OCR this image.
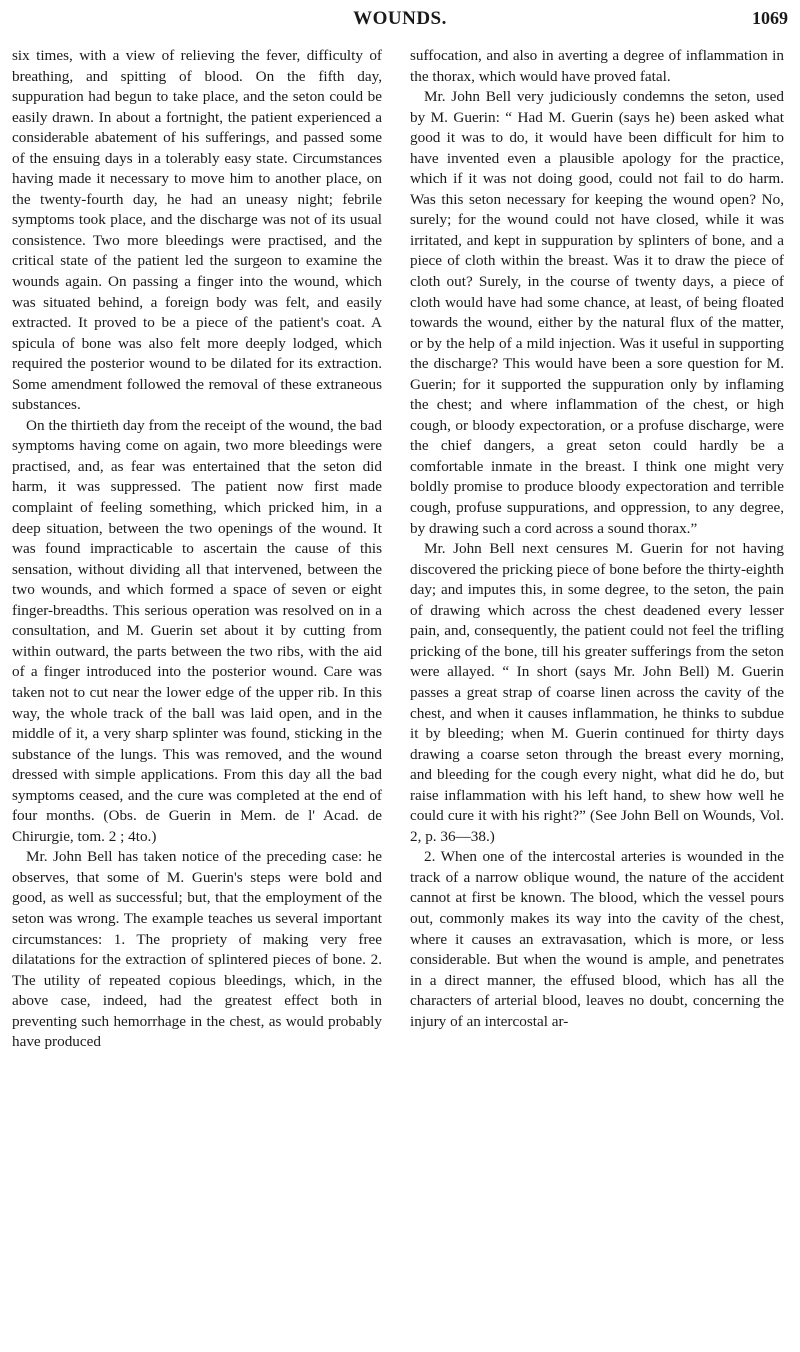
WOUNDS.	1069

six times, with a view of relieving the fever, difficulty of breathing, and spitting of blood. On the fifth day, suppuration had begun to take place, and the seton could be easily drawn. In about a fortnight, the patient experienced a considerable abatement of his sufferings, and passed some of the ensuing days in a tolerably easy state. Circumstances having made it necessary to move him to another place, on the twenty-fourth day, he had an uneasy night; febrile symptoms took place, and the discharge was not of its usual consistence. Two more bleedings were practised, and the critical state of the patient led the surgeon to examine the wounds again. On passing a finger into the wound, which was situated behind, a foreign body was felt, and easily extracted. It proved to be a piece of the patient's coat. A spicula of bone was also felt more deeply lodged, which required the posterior wound to be dilated for its extraction. Some amendment followed the removal of these extraneous substances.

On the thirtieth day from the receipt of the wound, the bad symptoms having come on again, two more bleedings were practised, and, as fear was entertained that the seton did harm, it was suppressed. The patient now first made complaint of feeling something, which pricked him, in a deep situation, between the two openings of the wound. It was found impracticable to ascertain the cause of this sensation, without dividing all that intervened, between the two wounds, and which formed a space of seven or eight finger-breadths. This serious operation was resolved on in a consultation, and M. Guerin set about it by cutting from within outward, the parts between the two ribs, with the aid of a finger introduced into the posterior wound. Care was taken not to cut near the lower edge of the upper rib. In this way, the whole track of the ball was laid open, and in the middle of it, a very sharp splinter was found, sticking in the substance of the lungs. This was removed, and the wound dressed with simple applications. From this day all the bad symptoms ceased, and the cure was completed at the end of four months. (Obs. de Guerin in Mem. de l' Acad. de Chirurgie, tom. 2 ; 4to.)

Mr. John Bell has taken notice of the preceding case: he observes, that some of M. Guerin's steps were bold and good, as well as successful; but, that the employment of the seton was wrong. The example teaches us several important circumstances: 1. The propriety of making very free dilatations for the extraction of splintered pieces of bone. 2. The utility of repeated copious bleedings, which, in the above case, indeed, had the greatest effect both in preventing such hemorrhage in the chest, as would probably have produced

suffocation, and also in averting a degree of inflammation in the thorax, which would have proved fatal.

Mr. John Bell very judiciously condemns the seton, used by M. Guerin: “ Had M. Guerin (says he) been asked what good it was to do, it would have been difficult for him to have invented even a plausible apology for the practice, which if it was not doing good, could not fail to do harm. Was this seton necessary for keeping the wound open? No, surely; for the wound could not have closed, while it was irritated, and kept in suppuration by splinters of bone, and a piece of cloth within the breast. Was it to draw the piece of cloth out? Surely, in the course of twenty days, a piece of cloth would have had some chance, at least, of being floated towards the wound, either by the natural flux of the matter, or by the help of a mild injection. Was it useful in supporting the discharge? This would have been a sore question for M. Guerin; for it supported the suppuration only by inflaming the chest; and where inflammation of the chest, or high cough, or bloody expectoration, or a profuse discharge, were the chief dangers, a great seton could hardly be a comfortable inmate in the breast. I think one might very boldly promise to produce bloody expectoration and terrible cough, profuse suppurations, and oppression, to any degree, by drawing such a cord across a sound thorax.”

Mr. John Bell next censures M. Guerin for not having discovered the pricking piece of bone before the thirty-eighth day; and imputes this, in some degree, to the seton, the pain of drawing which across the chest deadened every lesser pain, and, consequently, the patient could not feel the trifling pricking of the bone, till his greater sufferings from the seton were allayed. “ In short (says Mr. John Bell) M. Guerin passes a great strap of coarse linen across the cavity of the chest, and when it causes inflammation, he thinks to subdue it by bleeding; when M. Guerin continued for thirty days drawing a coarse seton through the breast every morning, and bleeding for the cough every night, what did he do, but raise inflammation with his left hand, to shew how well he could cure it with his right?” (See John Bell on Wounds, Vol. 2, p. 36—38.)

2. When one of the intercostal arteries is wounded in the track of a narrow oblique wound, the nature of the accident cannot at first be known. The blood, which the vessel pours out, commonly makes its way into the cavity of the chest, where it causes an extravasation, which is more, or less considerable. But when the wound is ample, and penetrates in a direct manner, the effused blood, which has all the characters of arterial blood, leaves no doubt, concerning the injury of an intercostal ar-
